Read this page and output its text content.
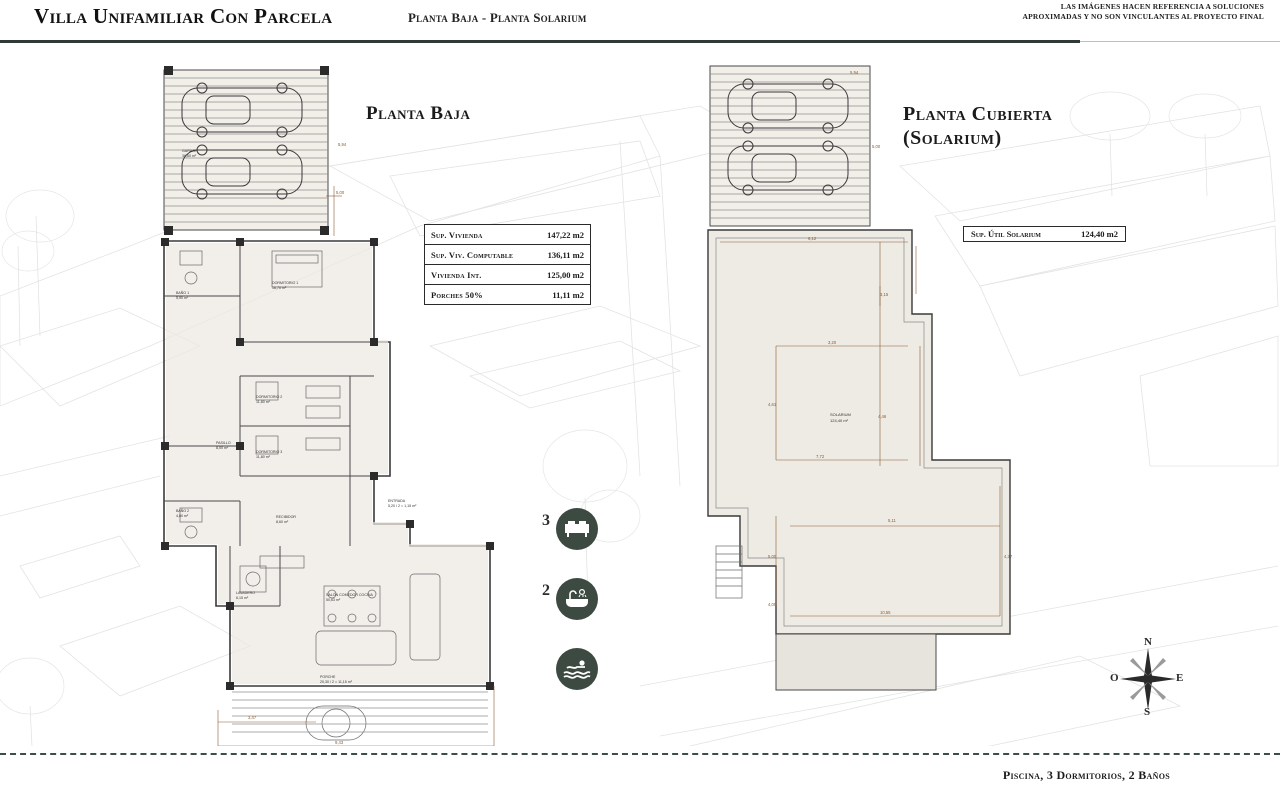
Villa Unifamiliar Con Parcela	Planta Baja - Planta Solarium
LAS IMÁGENES HACEN REFERENCIA A SOLUCIONES
APROXIMADAS Y NO SON VINCULANTES AL PROYECTO FINAL
Planta Baja	Planta Cubierta
(Solarium)
GARAJE
36,60 m²
9,43
3,47
5,00
5,94
DORMITORIO 1
16,70 m²
BAÑO 1
5,90 m²
DORMITORIO 2
11,80 m²
DORMITORIO 3
11,80 m²
PASILLO
8,00 m²
BAÑO 2
4,80 m²	RECIBIDOR
8,60 m²
ENTRADA
5,20 / 2 = 1,15 m²
LAVADERO
6,15 m²
SALÓN COMEDOR COCINA
50,63 m²
PORCHE
20,30 / 2 = 11,15 m²
6,12
3,15
3,20
4,61
4,46
7,72
5,00
5,11
4,37
4,05
10,55
5,94
5,00
SOLARIUM
124,40 m²
Sup. Vivienda	147,22 m2
Sup. Viv. Computable	136,11 m2
Vivienda Int.	125,00 m2
Porches 50%	11,11 m2
Sup. Útil Solarium	124,40 m2
3
2
N
S
E
O
Piscina, 3 Dormitorios, 2 Baños
